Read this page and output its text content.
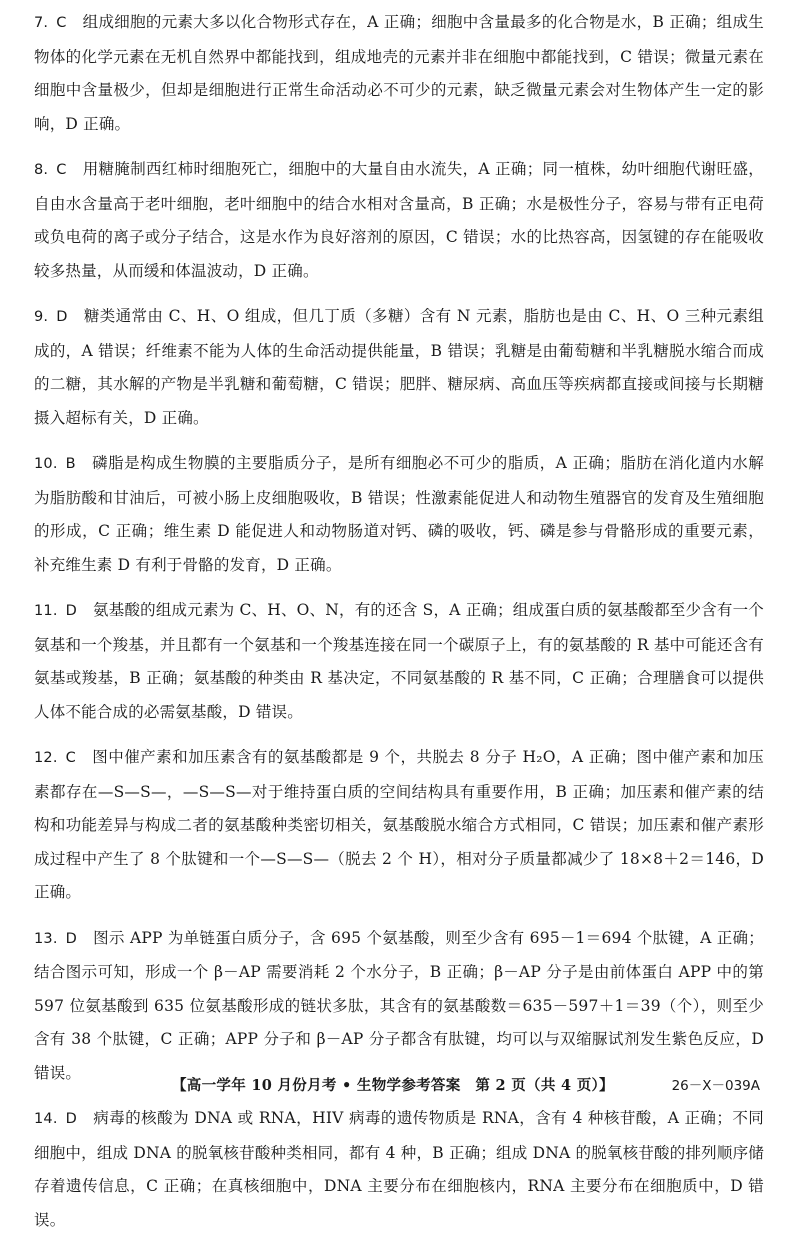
7. C 组成细胞的元素大多以化合物形式存在，A 正确；细胞中含量最多的化合物是水，B 正确；组成生物体的化学元素在无机自然界中都能找到，组成地壳的元素并非在细胞中都能找到，C 错误；微量元素在细胞中含量极少，但却是细胞进行正常生命活动必不可少的元素，缺乏微量元素会对生物体产生一定的影响，D 正确。

8. C 用糖腌制西红柿时细胞死亡，细胞中的大量自由水流失，A 正确；同一植株，幼叶细胞代谢旺盛，自由水含量高于老叶细胞，老叶细胞中的结合水相对含量高，B 正确；水是极性分子，容易与带有正电荷或负电荷的离子或分子结合，这是水作为良好溶剂的原因，C 错误；水的比热容高，因氢键的存在能吸收较多热量，从而缓和体温波动，D 正确。

9. D 糖类通常由 C、H、O 组成，但几丁质（多糖）含有 N 元素，脂肪也是由 C、H、O 三种元素组成的，A 错误；纤维素不能为人体的生命活动提供能量，B 错误；乳糖是由葡萄糖和半乳糖脱水缩合而成的二糖，其水解的产物是半乳糖和葡萄糖，C 错误；肥胖、糖尿病、高血压等疾病都直接或间接与长期糖摄入超标有关，D 正确。

10. B 磷脂是构成生物膜的主要脂质分子，是所有细胞必不可少的脂质，A 正确；脂肪在消化道内水解为脂肪酸和甘油后，可被小肠上皮细胞吸收，B 错误；性激素能促进人和动物生殖器官的发育及生殖细胞的形成，C 正确；维生素 D 能促进人和动物肠道对钙、磷的吸收，钙、磷是参与骨骼形成的重要元素，补充维生素 D 有利于骨骼的发育，D 正确。

11. D 氨基酸的组成元素为 C、H、O、N，有的还含 S，A 正确；组成蛋白质的氨基酸都至少含有一个氨基和一个羧基，并且都有一个氨基和一个羧基连接在同一个碳原子上，有的氨基酸的 R 基中可能还含有氨基或羧基，B 正确；氨基酸的种类由 R 基决定，不同氨基酸的 R 基不同，C 正确；合理膳食可以提供人体不能合成的必需氨基酸，D 错误。

12. C 图中催产素和加压素含有的氨基酸都是 9 个，共脱去 8 分子 H₂O，A 正确；图中催产素和加压素都存在—S—S—，—S—S—对于维持蛋白质的空间结构具有重要作用，B 正确；加压素和催产素的结构和功能差异与构成二者的氨基酸种类密切相关，氨基酸脱水缩合方式相同，C 错误；加压素和催产素形成过程中产生了 8 个肽键和一个—S—S—（脱去 2 个 H），相对分子质量都减少了 18×8＋2＝146，D 正确。

13. D 图示 APP 为单链蛋白质分子，含 695 个氨基酸，则至少含有 695－1＝694 个肽键，A 正确；结合图示可知，形成一个 β－AP 需要消耗 2 个水分子，B 正确；β－AP 分子是由前体蛋白 APP 中的第 597 位氨基酸到 635 位氨基酸形成的链状多肽，其含有的氨基酸数＝635－597＋1＝39（个），则至少含有 38 个肽键，C 正确；APP 分子和 β－AP 分子都含有肽键，均可以与双缩脲试剂发生紫色反应，D 错误。

14. D 病毒的核酸为 DNA 或 RNA，HIV 病毒的遗传物质是 RNA，含有 4 种核苷酸，A 正确；不同细胞中，组成 DNA 的脱氧核苷酸种类相同，都有 4 种，B 正确；组成 DNA 的脱氧核苷酸的排列顺序储存着遗传信息，C 正确；在真核细胞中，DNA 主要分布在细胞核内，RNA 主要分布在细胞质中，D 错误。

【高一学年 10 月份月考 • 生物学参考答案　第 2 页（共 4 页）】	26－X－039A
